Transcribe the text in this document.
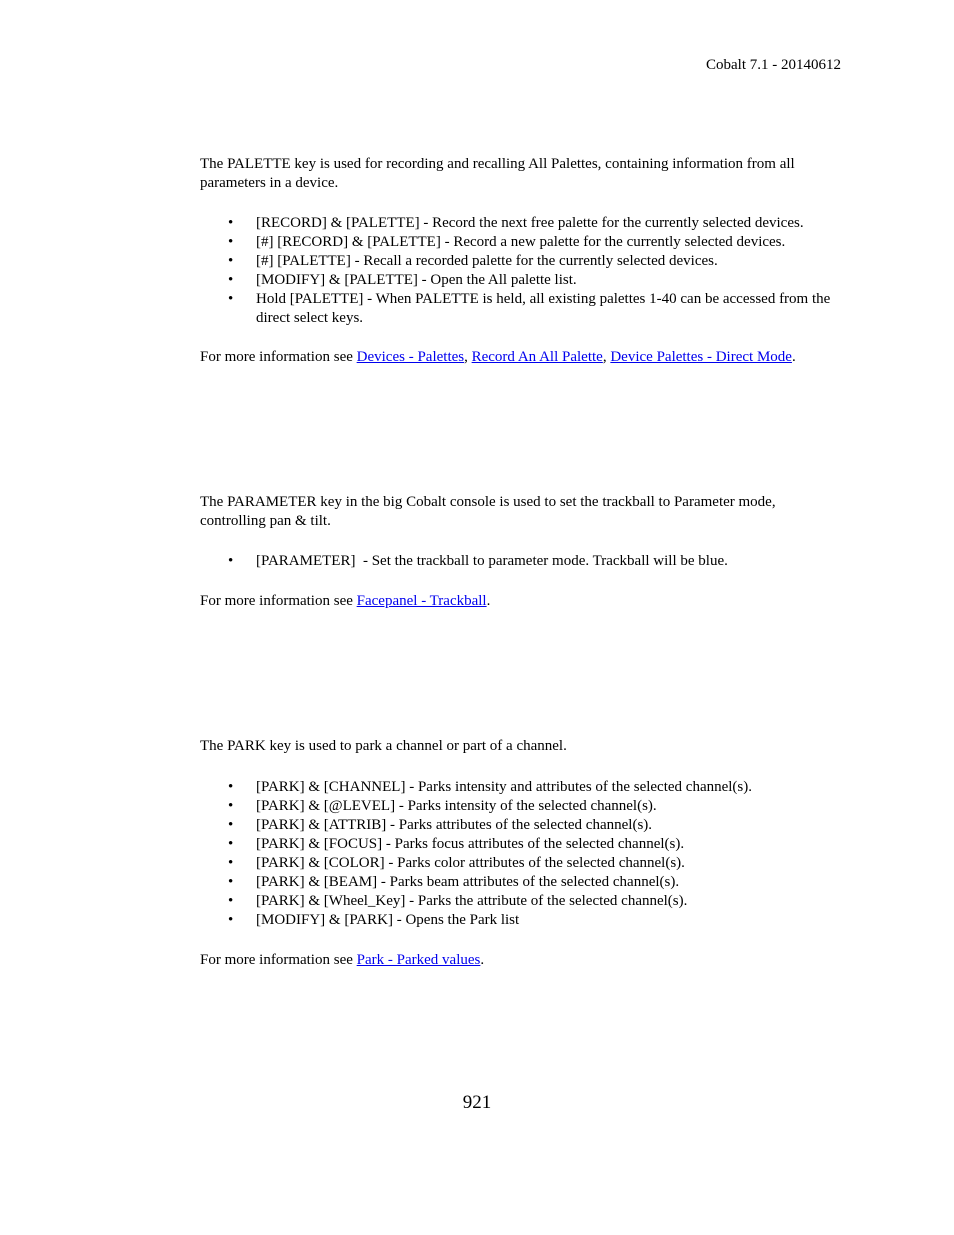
Cobalt 7.1 - 20140612
The PALETTE key is used for recording and recalling All Palettes, containing information from all parameters in a device.
• [RECORD] & [PALETTE] - Record the next free palette for the currently selected devices.
• [#] [RECORD] & [PALETTE] - Record a new palette for the currently selected devices.
• [#] [PALETTE] - Recall a recorded palette for the currently selected devices.
• [MODIFY] & [PALETTE] - Open the All palette list.
• Hold [PALETTE] - When PALETTE is held, all existing palettes 1-40 can be accessed from the direct select keys.
For more information see Devices - Palettes, Record An All Palette, Device Palettes - Direct Mode.
The PARAMETER key in the big Cobalt console is used to set the trackball to Parameter mode, controlling pan & tilt.
• [PARAMETER]  - Set the trackball to parameter mode. Trackball will be blue.
For more information see Facepanel - Trackball.
The PARK key is used to park a channel or part of a channel.
• [PARK] & [CHANNEL] - Parks intensity and attributes of the selected channel(s).
• [PARK] & [@LEVEL] - Parks intensity of the selected channel(s).
• [PARK] & [ATTRIB] - Parks attributes of the selected channel(s).
• [PARK] & [FOCUS] - Parks focus attributes of the selected channel(s).
• [PARK] & [COLOR] - Parks color attributes of the selected channel(s).
• [PARK] & [BEAM] - Parks beam attributes of the selected channel(s).
• [PARK] & [Wheel_Key] - Parks the attribute of the selected channel(s).
• [MODIFY] & [PARK] - Opens the Park list
For more information see Park - Parked values.
921
